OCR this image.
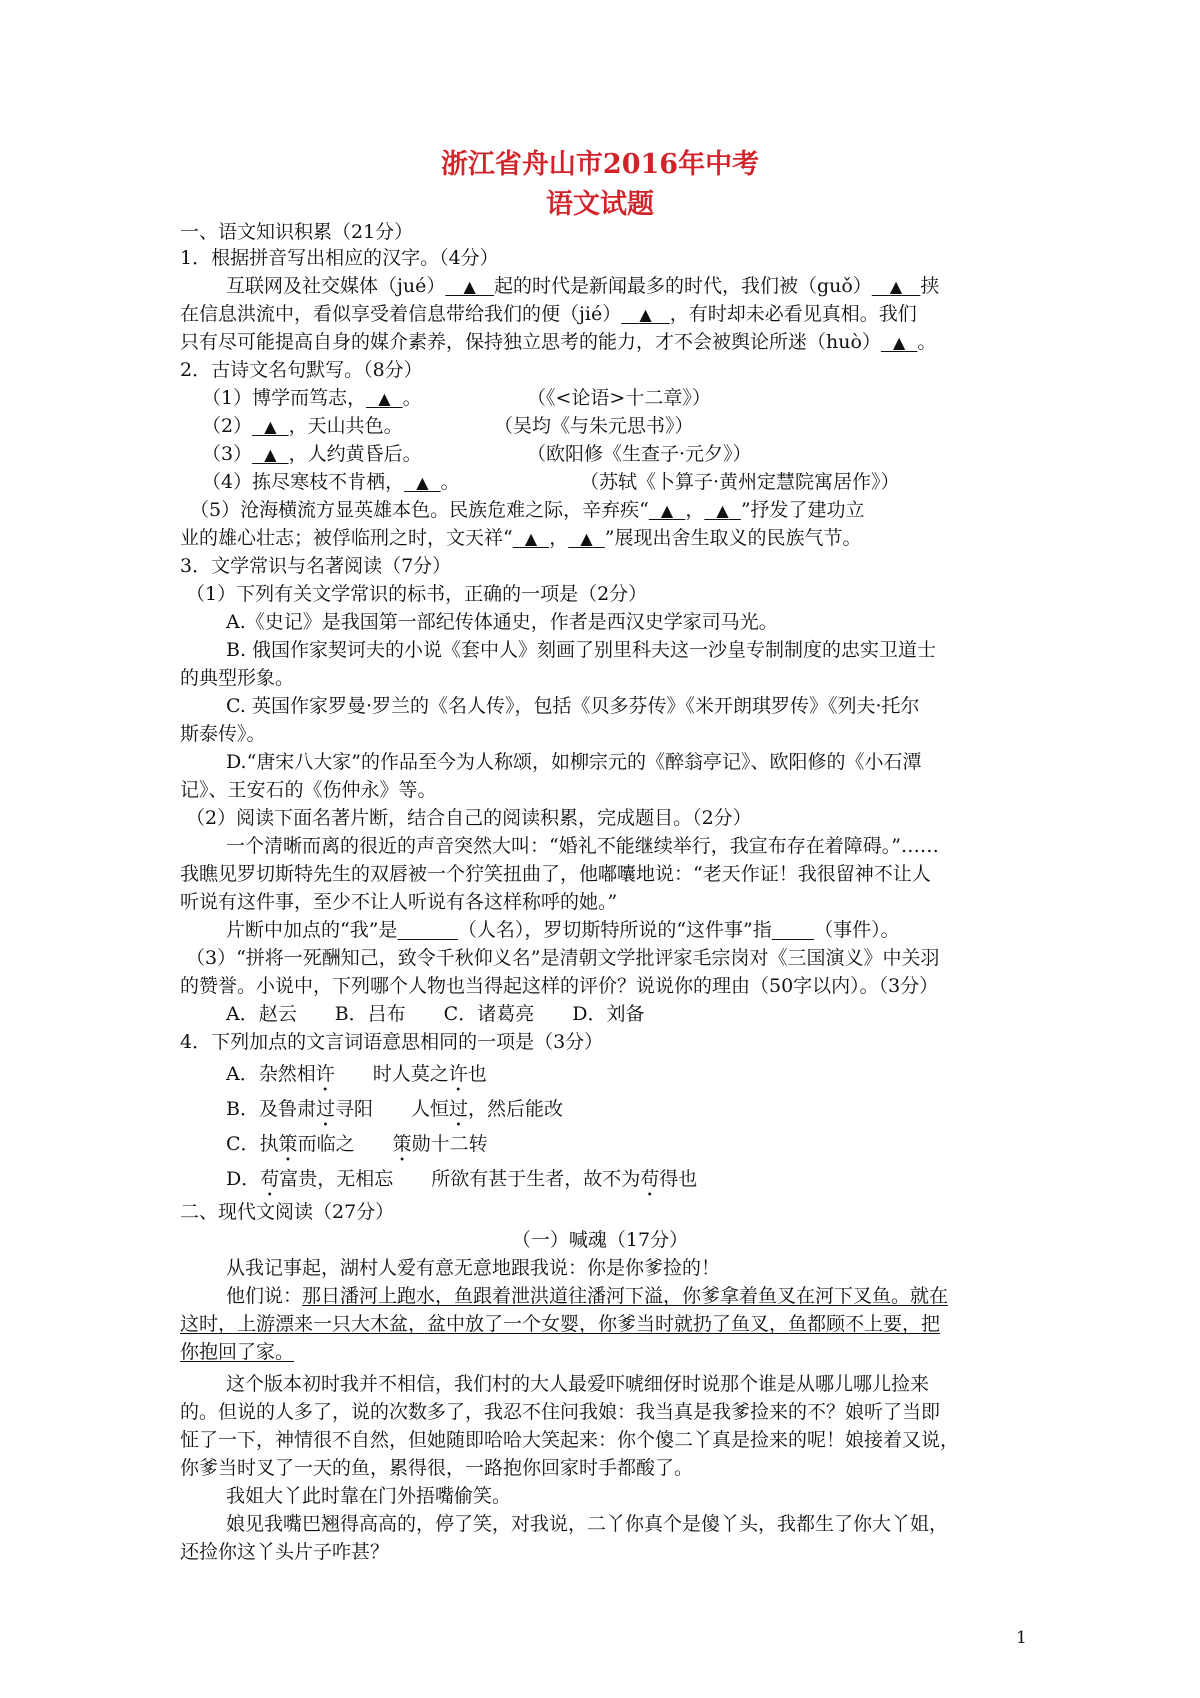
浙江省舟山市2016年中考
语文试题
一、语文知识积累（21分）
1．根据拼音写出相应的汉字。（4分）
互联网及社交媒体（jué） ▲ 起的时代是新闻最多的时代，我们被（guǒ） ▲ 挟
在信息洪流中，看似享受着信息带给我们的便（jié） ▲ ，有时却未必看见真相。我们
只有尽可能提高自身的媒介素养，保持独立思考的能力，才不会被舆论所迷（huò） ▲ 。
2．古诗文名句默写。（8分）
（1）博学而笃志， ▲ 。	（《<论语>十二章》）
（2） ▲ ，天山共色。	（吴均《与朱元思书》）
（3） ▲ ，人约黄昏后。	（欧阳修《生查子·元夕》）
（4）拣尽寒枝不肯栖， ▲ 。	（苏轼《卜算子·黄州定慧院寓居作》）
（5）沧海横流方显英雄本色。民族危难之际，辛弃疾“ ▲ ， ▲ ”抒发了建功立
业的雄心壮志；被俘临刑之时，文天祥“ ▲ ， ▲ ”展现出舍生取义的民族气节。
3．文学常识与名著阅读（7分）
（1）下列有关文学常识的标书，正确的一项是（2分）
A.《史记》是我国第一部纪传体通史，作者是西汉史学家司马光。
B. 俄国作家契诃夫的小说《套中人》刻画了别里科夫这一沙皇专制制度的忠实卫道士
的典型形象。
C. 英国作家罗曼·罗兰的《名人传》，包括《贝多芬传》《米开朗琪罗传》《列夫·托尔
斯泰传》。
D.“唐宋八大家”的作品至今为人称颂，如柳宗元的《醉翁亭记》、欧阳修的《小石潭
记》、王安石的《伤仲永》等。
（2）阅读下面名著片断，结合自己的阅读积累，完成题目。（2分）
一个清晰而离的很近的声音突然大叫：“婚礼不能继续举行，我宣布存在着障碍。”……
我瞧见罗切斯特先生的双唇被一个狞笑扭曲了，他嘟囔地说：“老天作证！我很留神不让人
听说有这件事，至少不让人听说有各这样称呼的她。”
片断中加点的“我”是	（人名），罗切斯特所说的“这件事”指 （事件）。
（3）“拼将一死酬知己，致令千秋仰义名”是清朝文学批评家毛宗岗对《三国演义》中关羽
的赞誉。小说中，下列哪个人物也当得起这样的评价？说说你的理由（50字以内）。（3分）
A．赵云　　B．吕布　　C．诸葛亮　　D．刘备
4．下列加点的文言词语意思相同的一项是（3分）
A．杂然相许　　时人莫之许也
B．及鲁肃过寻阳　　人恒过，然后能改
C．执策而临之　　策勋十二转
D．苟富贵，无相忘　　所欲有甚于生者，故不为苟得也
二、现代文阅读（27分）
（一）喊魂（17分）
从我记事起，湖村人爱有意无意地跟我说：你是你爹捡的！
他们说：那日潘河上跑水，鱼跟着泄洪道往潘河下溢，你爹拿着鱼叉在河下叉鱼。就在
这时，上游漂来一只大木盆，盆中放了一个女婴，你爹当时就扔了鱼叉，鱼都顾不上要，把
你抱回了家。
这个版本初时我并不相信，我们村的大人最爱吓唬细伢时说那个谁是从哪儿哪儿捡来
的。但说的人多了，说的次数多了，我忍不住问我娘：我当真是我爹捡来的不？娘听了当即
怔了一下，神情很不自然，但她随即哈哈大笑起来：你个傻二丫真是捡来的呢！娘接着又说，
你爹当时叉了一天的鱼，累得很，一路抱你回家时手都酸了。
我姐大丫此时靠在门外捂嘴偷笑。
娘见我嘴巴翘得高高的，停了笑，对我说，二丫你真个是傻丫头，我都生了你大丫姐，
还捡你这丫头片子咋甚？
1
